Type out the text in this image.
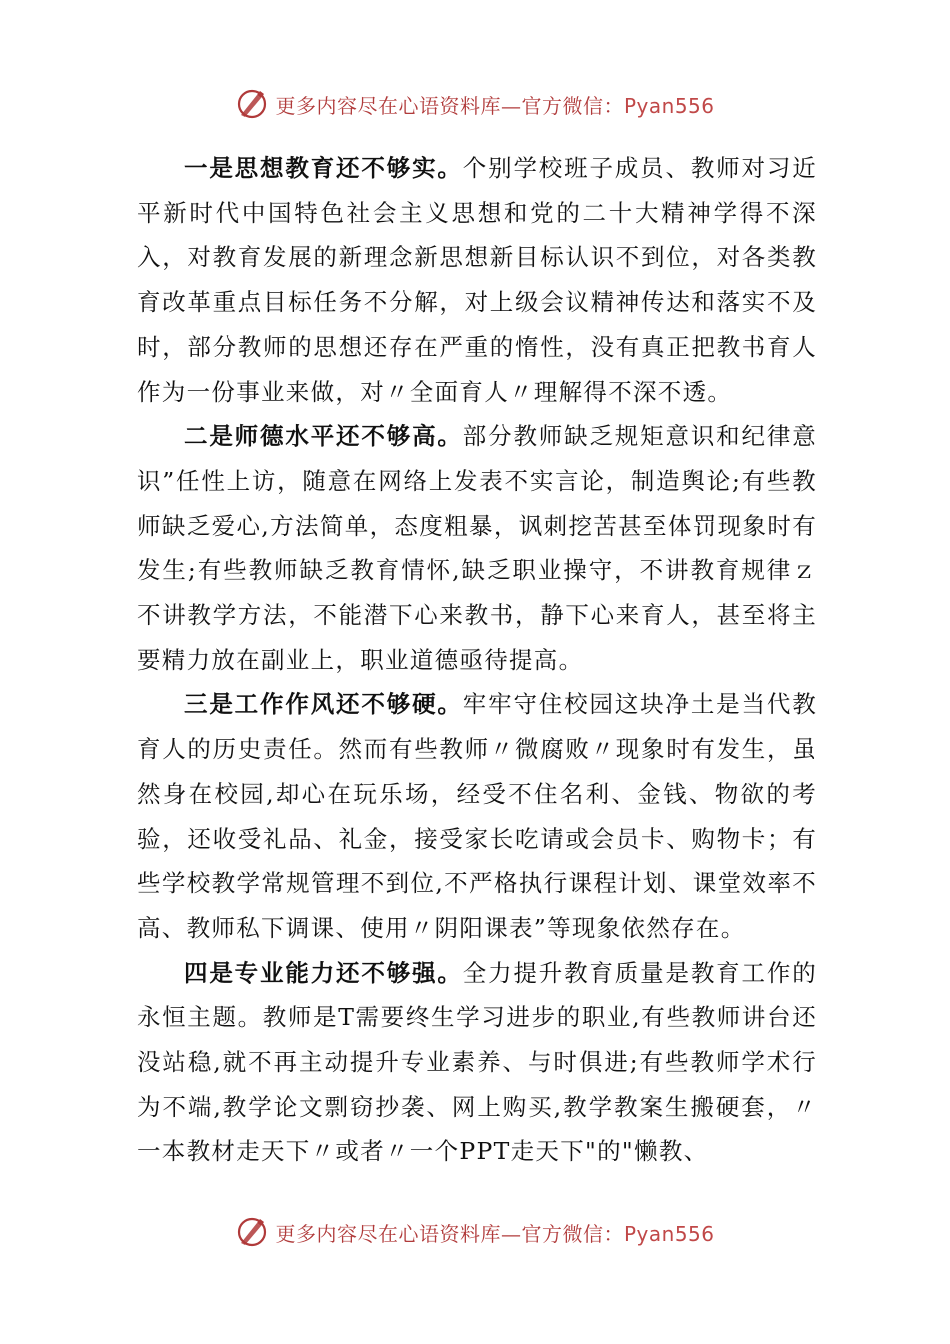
更多内容尽在心语资料库—官方微信：Pyan556

一是思想教育还不够实。个别学校班子成员、教师对习近平新时代中国特色社会主义思想和党的二十大精神学得不深入，对教育发展的新理念新思想新目标认识不到位，对各类教育改革重点目标任务不分解，对上级会议精神传达和落实不及时，部分教师的思想还存在严重的惰性，没有真正把教书育人作为一份事业来做，对〃全面育人〃理解得不深不透。

二是师德水平还不够高。部分教师缺乏规矩意识和纪律意识”任性上访，随意在网络上发表不实言论，制造舆论;有些教师缺乏爱心,方法简单，态度粗暴，讽刺挖苦甚至体罚现象时有发生;有些教师缺乏教育情怀,缺乏职业操守，不讲教育规律ｚ不讲教学方法，不能潜下心来教书，静下心来育人，甚至将主要精力放在副业上，职业道德亟待提高。

三是工作作风还不够硬。牢牢守住校园这块净土是当代教育人的历史责任。然而有些教师〃微腐败〃现象时有发生，虽然身在校园,却心在玩乐场，经受不住名利、金钱、物欲的考验，还收受礼品、礼金，接受家长吃请或会员卡、购物卡；有些学校教学常规管理不到位,不严格执行课程计划、课堂效率不高、教师私下调课、使用〃阴阳课表”等现象依然存在。

四是专业能力还不够强。全力提升教育质量是教育工作的永恒主题。教师是T需要终生学习进步的职业,有些教师讲台还没站稳,就不再主动提升专业素养、与时俱进;有些教师学术行为不端,教学论文剽窃抄袭、网上购买,教学教案生搬硬套，〃一本教材走天下〃或者〃一个PPT走天下"的"懒教、

更多内容尽在心语资料库—官方微信：Pyan556
